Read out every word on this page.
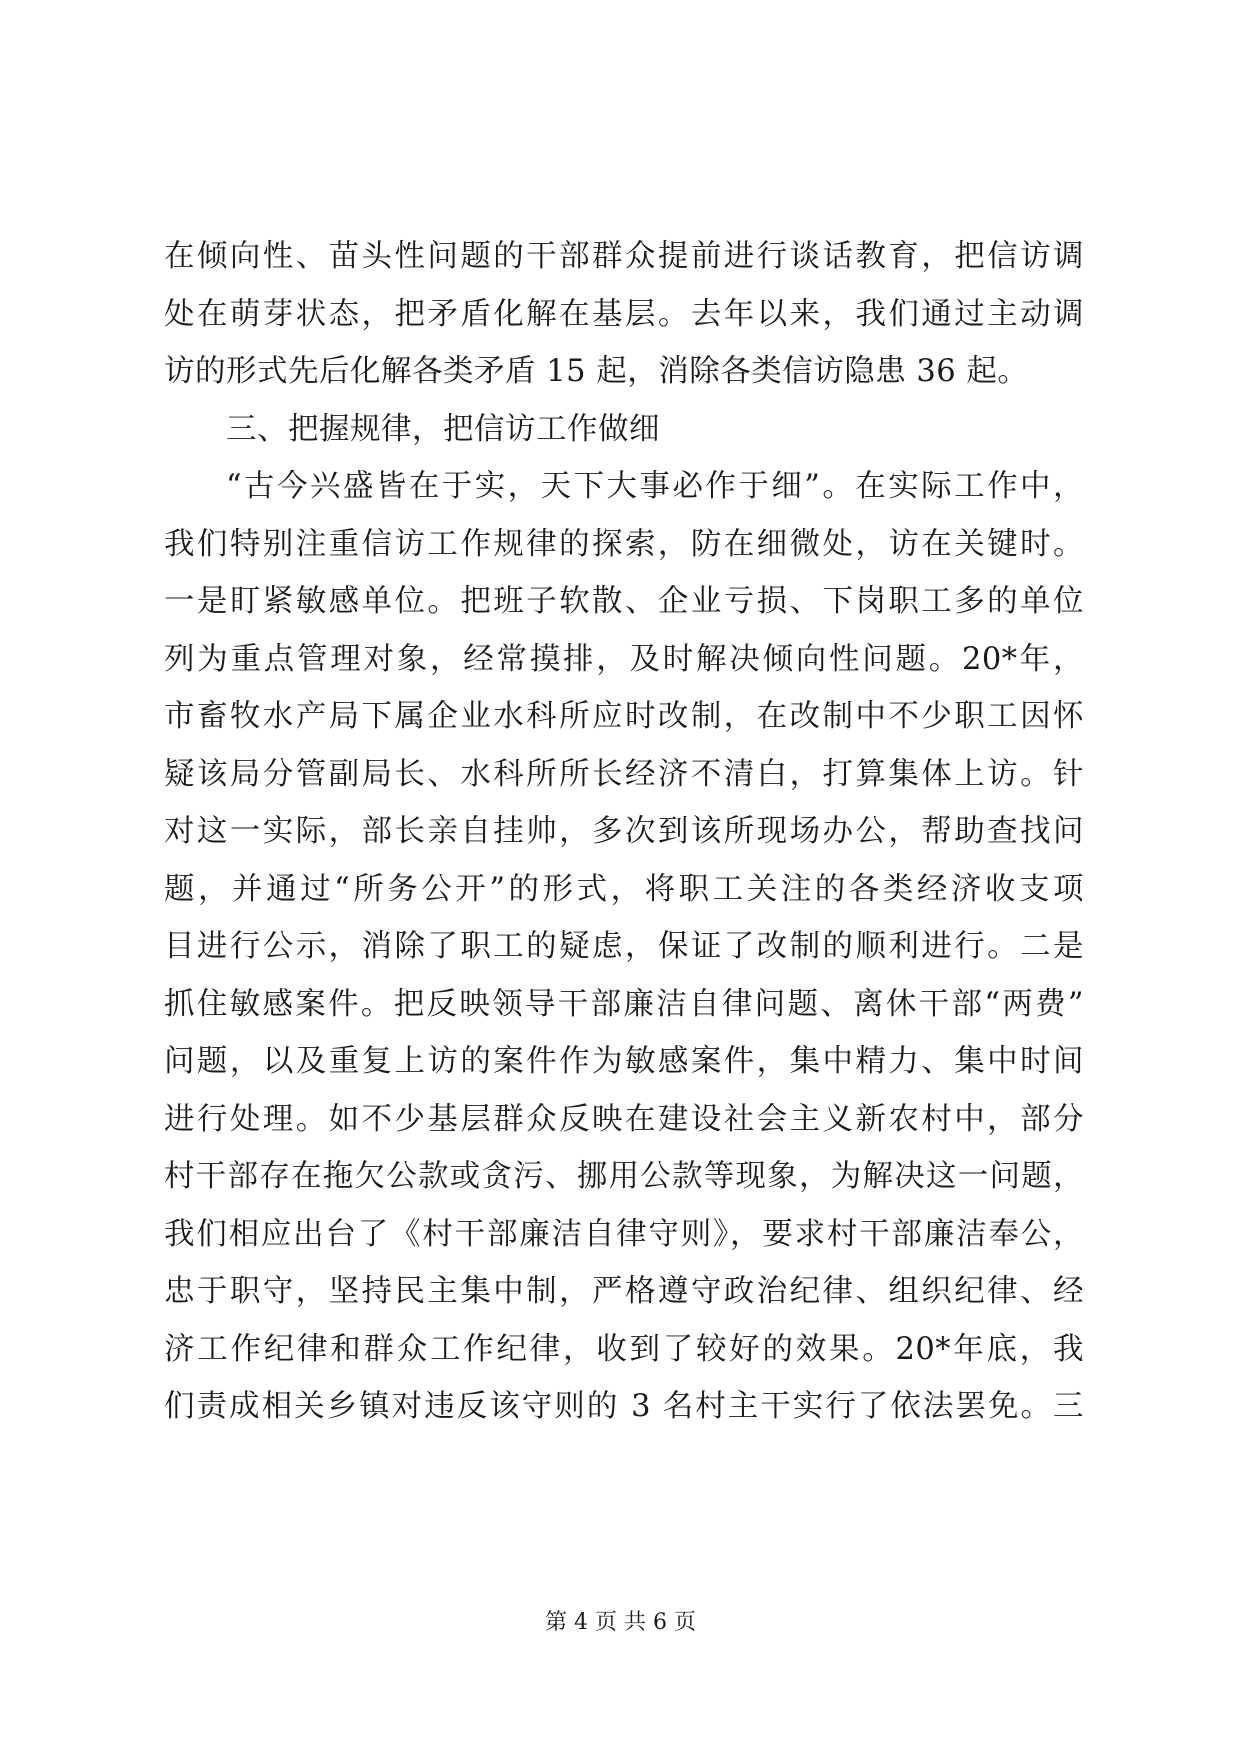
在倾向性、苗头性问题的干部群众提前进行谈话教育，把信访调
处在萌芽状态，把矛盾化解在基层。去年以来，我们通过主动调
访的形式先后化解各类矛盾 15 起，消除各类信访隐患 36 起。
三、把握规律，把信访工作做细
“古今兴盛皆在于实，天下大事必作于细”。在实际工作中，
我们特别注重信访工作规律的探索，防在细微处，访在关键时。
一是盯紧敏感单位。把班子软散、企业亏损、下岗职工多的单位
列为重点管理对象，经常摸排，及时解决倾向性问题。20*年，
市畜牧水产局下属企业水科所应时改制，在改制中不少职工因怀
疑该局分管副局长、水科所所长经济不清白，打算集体上访。针
对这一实际，部长亲自挂帅，多次到该所现场办公，帮助查找问
题，并通过“所务公开”的形式，将职工关注的各类经济收支项
目进行公示，消除了职工的疑虑，保证了改制的顺利进行。二是
抓住敏感案件。把反映领导干部廉洁自律问题、离休干部“两费”
问题，以及重复上访的案件作为敏感案件，集中精力、集中时间
进行处理。如不少基层群众反映在建设社会主义新农村中，部分
村干部存在拖欠公款或贪污、挪用公款等现象，为解决这一问题，
我们相应出台了《村干部廉洁自律守则》，要求村干部廉洁奉公，
忠于职守，坚持民主集中制，严格遵守政治纪律、组织纪律、经
济工作纪律和群众工作纪律，收到了较好的效果。20*年底，我
们责成相关乡镇对违反该守则的 3 名村主干实行了依法罢免。三
第 4 页 共 6 页
